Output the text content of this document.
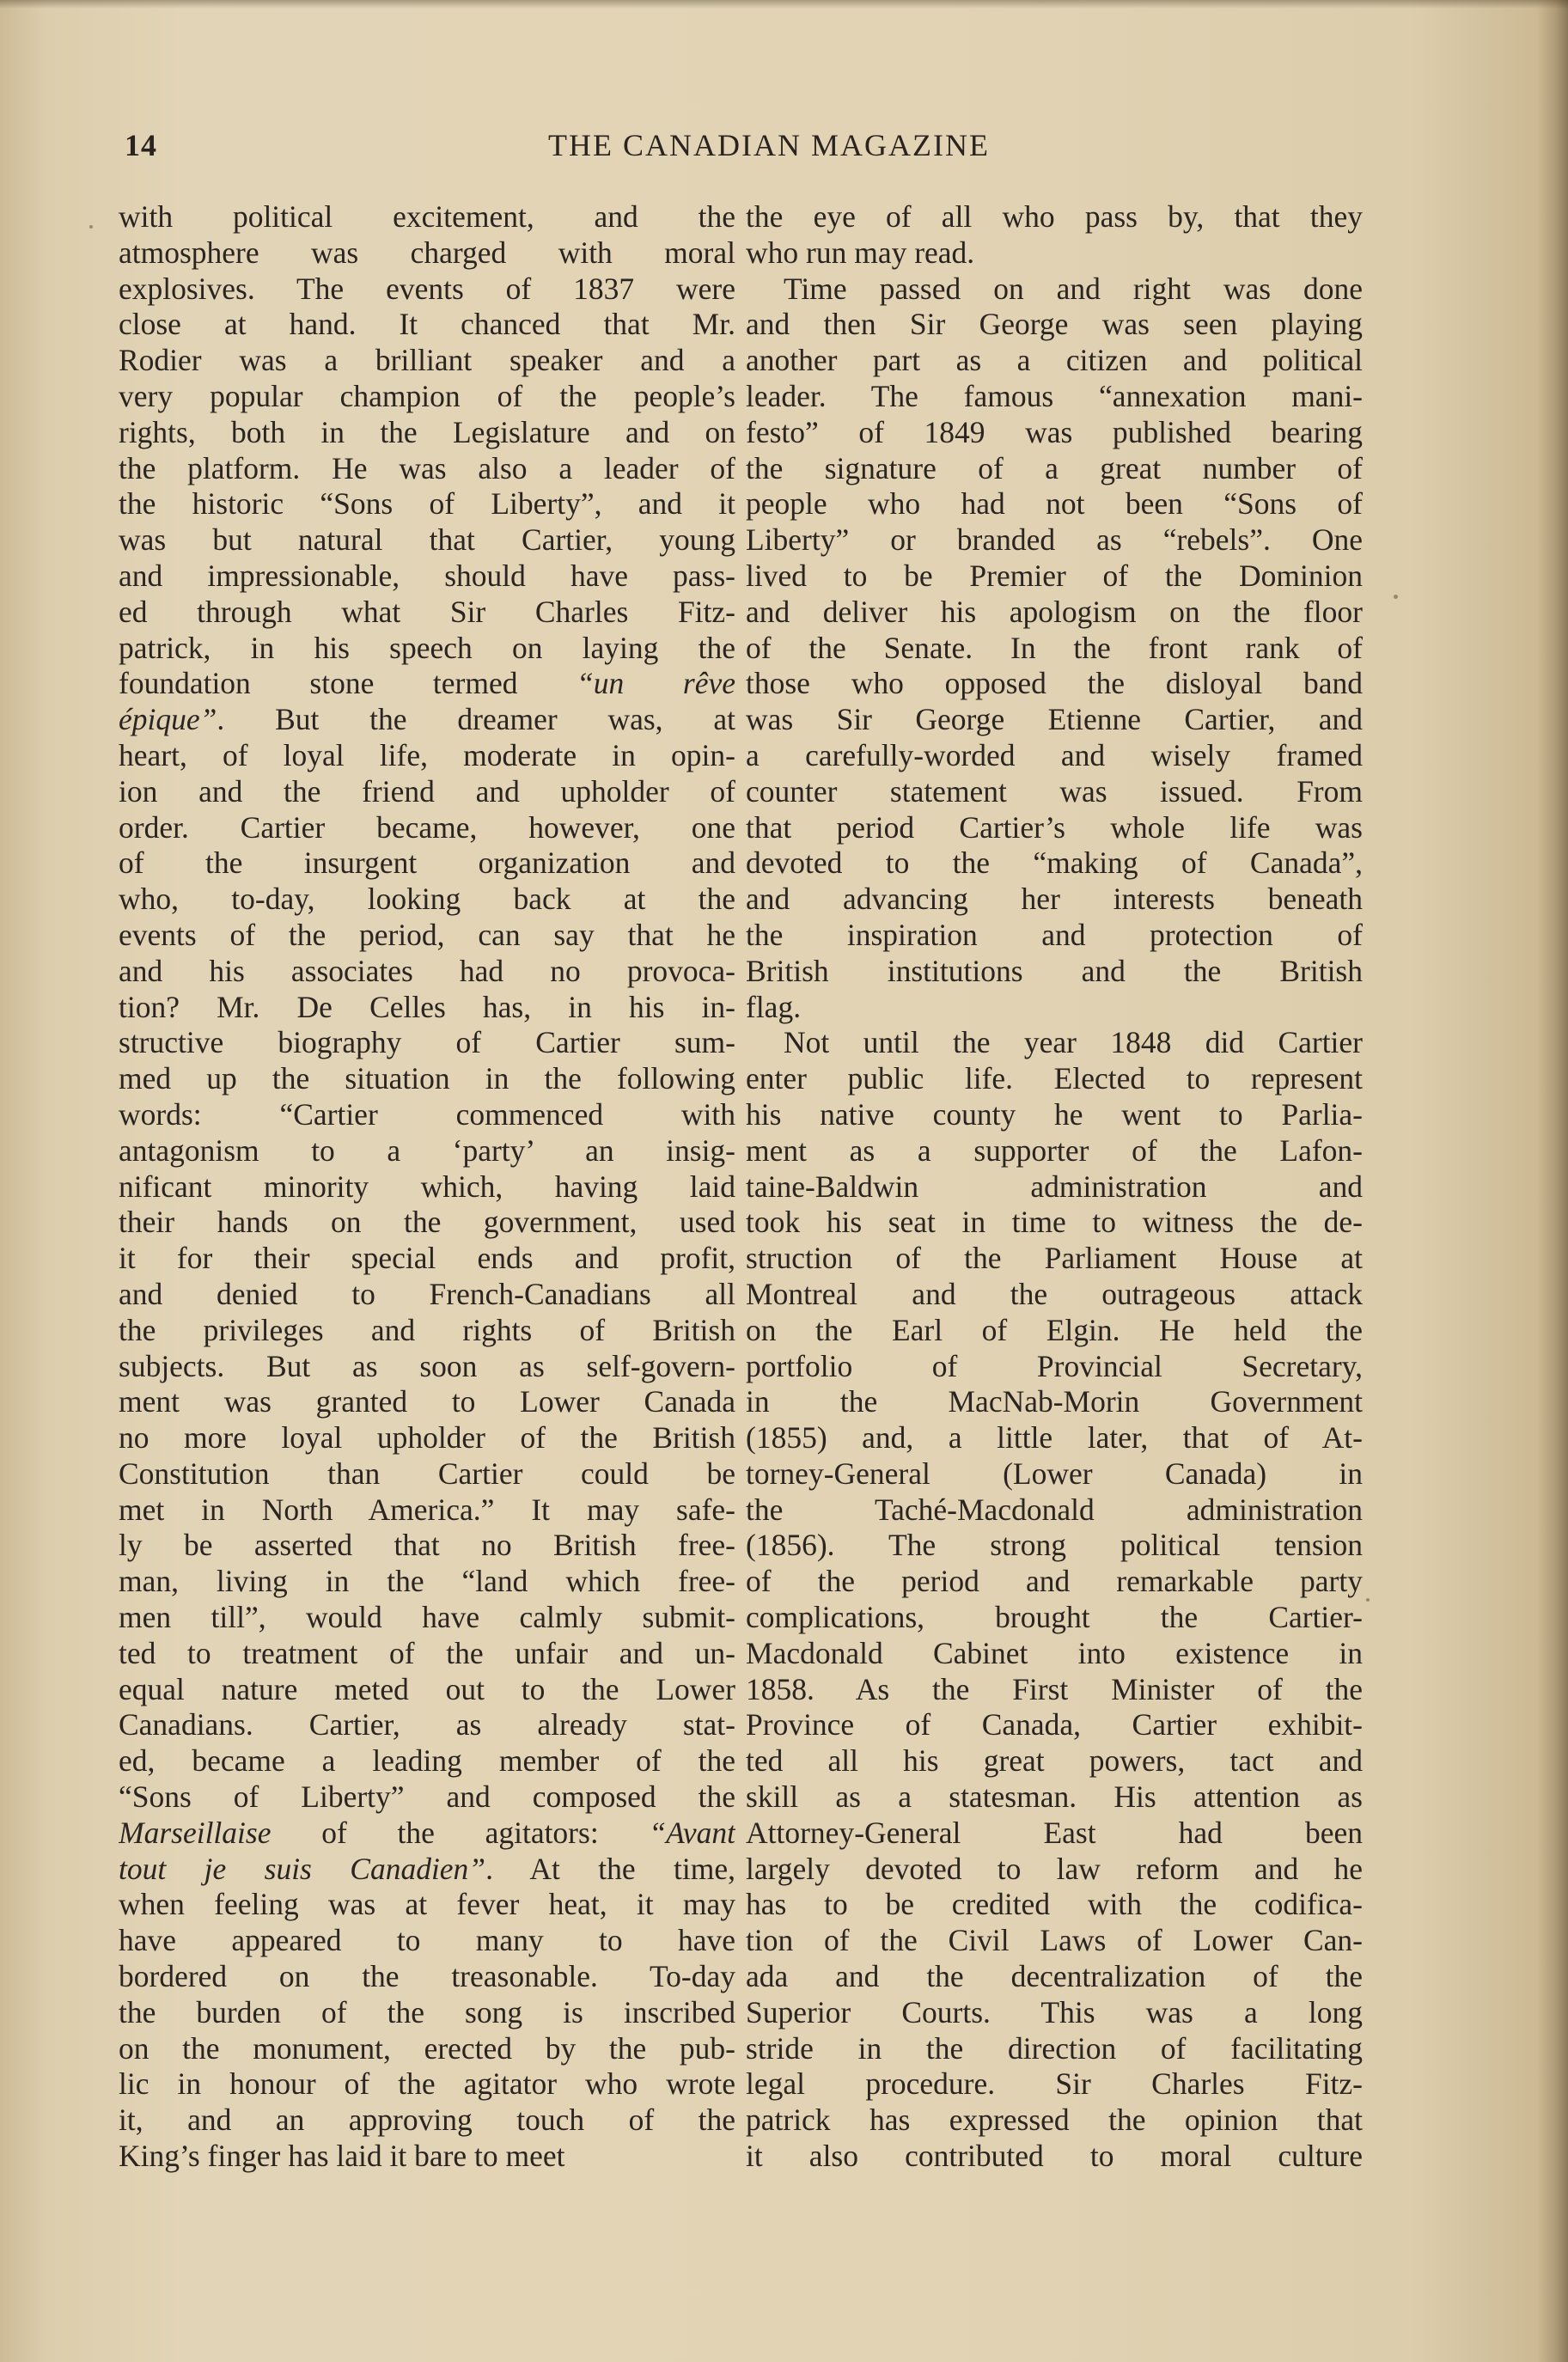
14	THE CANADIAN MAGAZINE
with political excitement, and the
atmosphere was charged with moral
explosives. The events of 1837 were
close at hand. It chanced that Mr.
Rodier was a brilliant speaker and a
very popular champion of the people’s
rights, both in the Legislature and on
the platform. He was also a leader of
the historic “Sons of Liberty”, and it
was but natural that Cartier, young
and impressionable, should have pass-
ed through what Sir Charles Fitz-
patrick, in his speech on laying the
foundation stone termed “un rêve
épique”. But the dreamer was, at
heart, of loyal life, moderate in opin-
ion and the friend and upholder of
order. Cartier became, however, one
of the insurgent organization and
who, to-day, looking back at the
events of the period, can say that he
and his associates had no provoca-
tion? Mr. De Celles has, in his in-
structive biography of Cartier sum-
med up the situation in the following
words: “Cartier commenced with
antagonism to a ‘party’ an insig-
nificant minority which, having laid
their hands on the government, used
it for their special ends and profit,
and denied to French-Canadians all
the privileges and rights of British
subjects. But as soon as self-govern-
ment was granted to Lower Canada
no more loyal upholder of the British
Constitution than Cartier could be
met in North America.” It may safe-
ly be asserted that no British free-
man, living in the “land which free-
men till”, would have calmly submit-
ted to treatment of the unfair and un-
equal nature meted out to the Lower
Canadians. Cartier, as already stat-
ed, became a leading member of the
“Sons of Liberty” and composed the
Marseillaise of the agitators: “Avant
tout je suis Canadien”. At the time,
when feeling was at fever heat, it may
have appeared to many to have
bordered on the treasonable. To-day
the burden of the song is inscribed
on the monument, erected by the pub-
lic in honour of the agitator who wrote
it, and an approving touch of the
King’s finger has laid it bare to meet
the eye of all who pass by, that they
who run may read.
Time passed on and right was done
and then Sir George was seen playing
another part as a citizen and political
leader. The famous “annexation mani-
festo” of 1849 was published bearing
the signature of a great number of
people who had not been “Sons of
Liberty” or branded as “rebels”. One
lived to be Premier of the Dominion
and deliver his apologism on the floor
of the Senate. In the front rank of
those who opposed the disloyal band
was Sir George Etienne Cartier, and
a carefully-worded and wisely framed
counter statement was issued. From
that period Cartier’s whole life was
devoted to the “making of Canada”,
and advancing her interests beneath
the inspiration and protection of
British institutions and the British
flag.
Not until the year 1848 did Cartier
enter public life. Elected to represent
his native county he went to Parlia-
ment as a supporter of the Lafon-
taine-Baldwin administration and
took his seat in time to witness the de-
struction of the Parliament House at
Montreal and the outrageous attack
on the Earl of Elgin. He held the
portfolio of Provincial Secretary,
in the MacNab-Morin Government
(1855) and, a little later, that of At-
torney-General (Lower Canada) in
the Taché-Macdonald administration
(1856). The strong political tension
of the period and remarkable party
complications, brought the Cartier-
Macdonald Cabinet into existence in
1858. As the First Minister of the
Province of Canada, Cartier exhibit-
ted all his great powers, tact and
skill as a statesman. His attention as
Attorney-General East had been
largely devoted to law reform and he
has to be credited with the codifica-
tion of the Civil Laws of Lower Can-
ada and the decentralization of the
Superior Courts. This was a long
stride in the direction of facilitating
legal procedure. Sir Charles Fitz-
patrick has expressed the opinion that
it also contributed to moral culture
